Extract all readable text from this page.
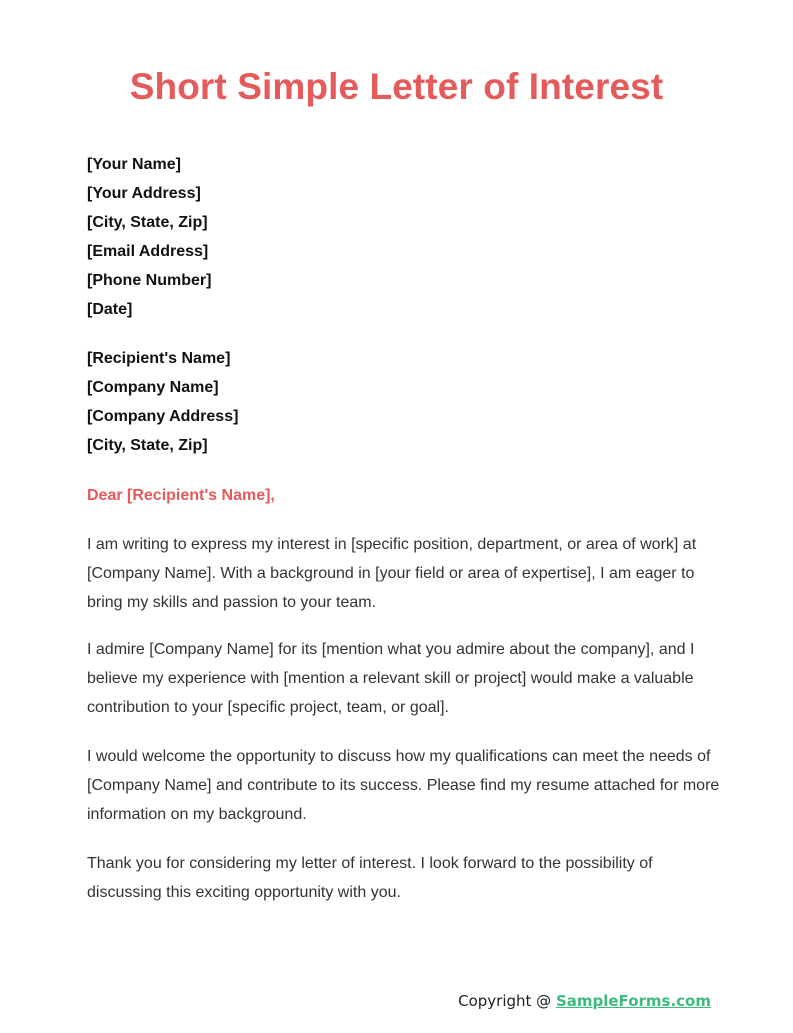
Short Simple Letter of Interest
[Your Name]
[Your Address]
[City, State, Zip]
[Email Address]
[Phone Number]
[Date]
[Recipient's Name]
[Company Name]
[Company Address]
[City, State, Zip]
Dear [Recipient's Name],

I am writing to express my interest in [specific position, department, or area of work] at [Company Name]. With a background in [your field or area of expertise], I am eager to bring my skills and passion to your team.

I admire [Company Name] for its [mention what you admire about the company], and I believe my experience with [mention a relevant skill or project] would make a valuable contribution to your [specific project, team, or goal].

I would welcome the opportunity to discuss how my qualifications can meet the needs of [Company Name] and contribute to its success. Please find my resume attached for more information on my background.

Thank you for considering my letter of interest. I look forward to the possibility of discussing this exciting opportunity with you.

Copyright @ SampleForms.com
